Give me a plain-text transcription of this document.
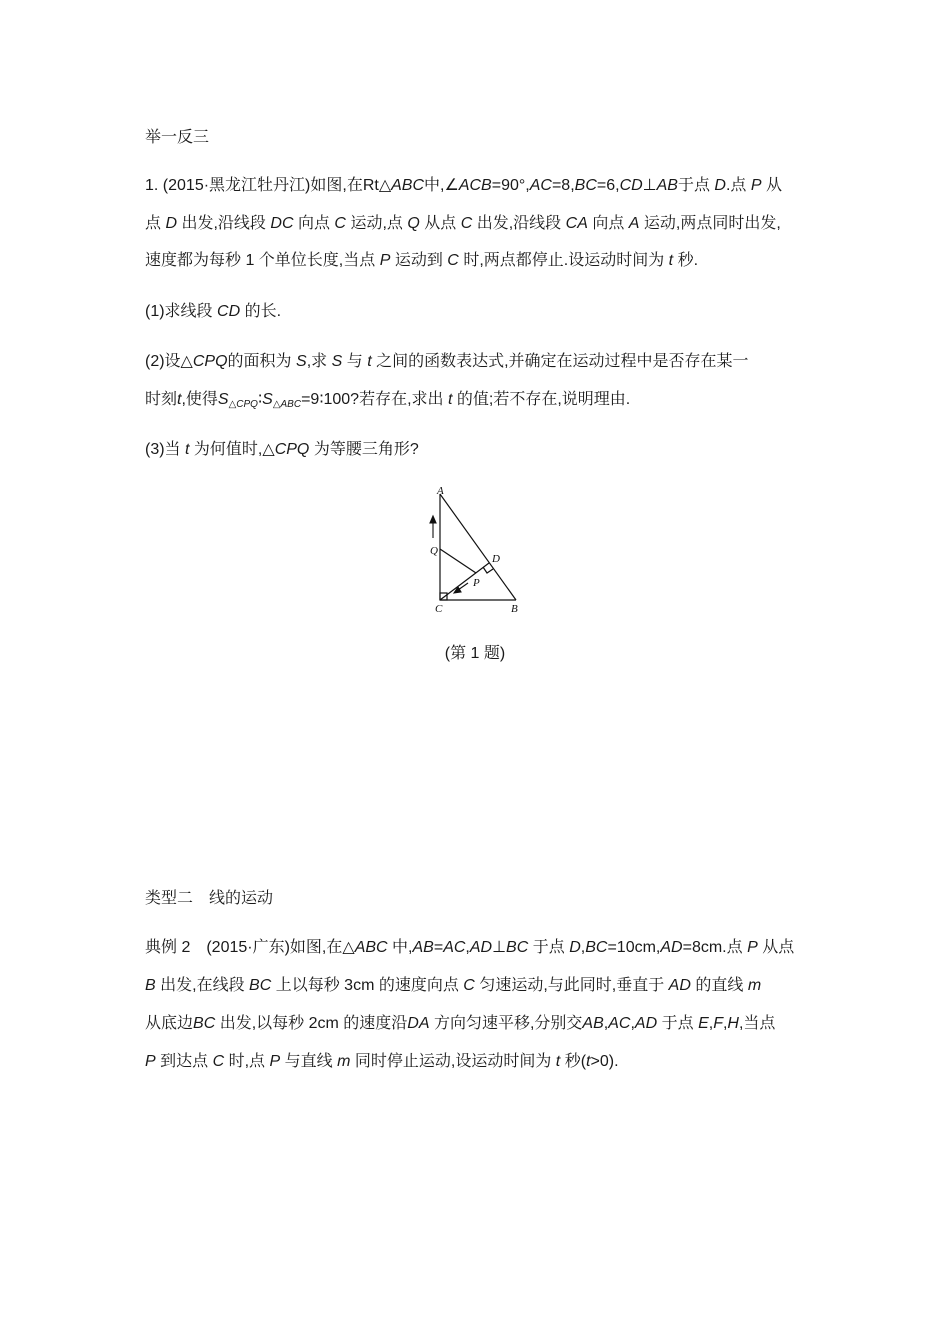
举一反三
1. (2015·黑龙江牡丹江)如图,在Rt△ABC中,∠ACB=90°,AC=8,BC=6,CD⊥AB于点 D.点 P 从
点 D 出发,沿线段 DC 向点 C 运动,点 Q 从点 C 出发,沿线段 CA 向点 A 运动,两点同时出发,
速度都为每秒 1 个单位长度,当点 P 运动到 C 时,两点都停止.设运动时间为 t 秒.
(1)求线段 CD 的长.
(2)设△CPQ的面积为 S,求 S 与 t 之间的函数表达式,并确定在运动过程中是否存在某一
时刻t,使得S△CPQ∶S△ABC=9∶100?若存在,求出 t 的值;若不存在,说明理由.
(3)当 t 为何值时,△CPQ 为等腰三角形?
A
Q
D
P
C	B
(第 1 题)
类型二　线的运动
典例 2　(2015·广东)如图,在△ABC 中,AB=AC,AD⊥BC 于点 D,BC=10cm,AD=8cm.点 P 从点
B 出发,在线段 BC 上以每秒 3cm 的速度向点 C 匀速运动,与此同时,垂直于 AD 的直线 m
从底边BC 出发,以每秒 2cm 的速度沿DA 方向匀速平移,分别交AB,AC,AD 于点 E,F,H,当点
P 到达点 C 时,点 P 与直线 m 同时停止运动,设运动时间为 t 秒(t>0).
